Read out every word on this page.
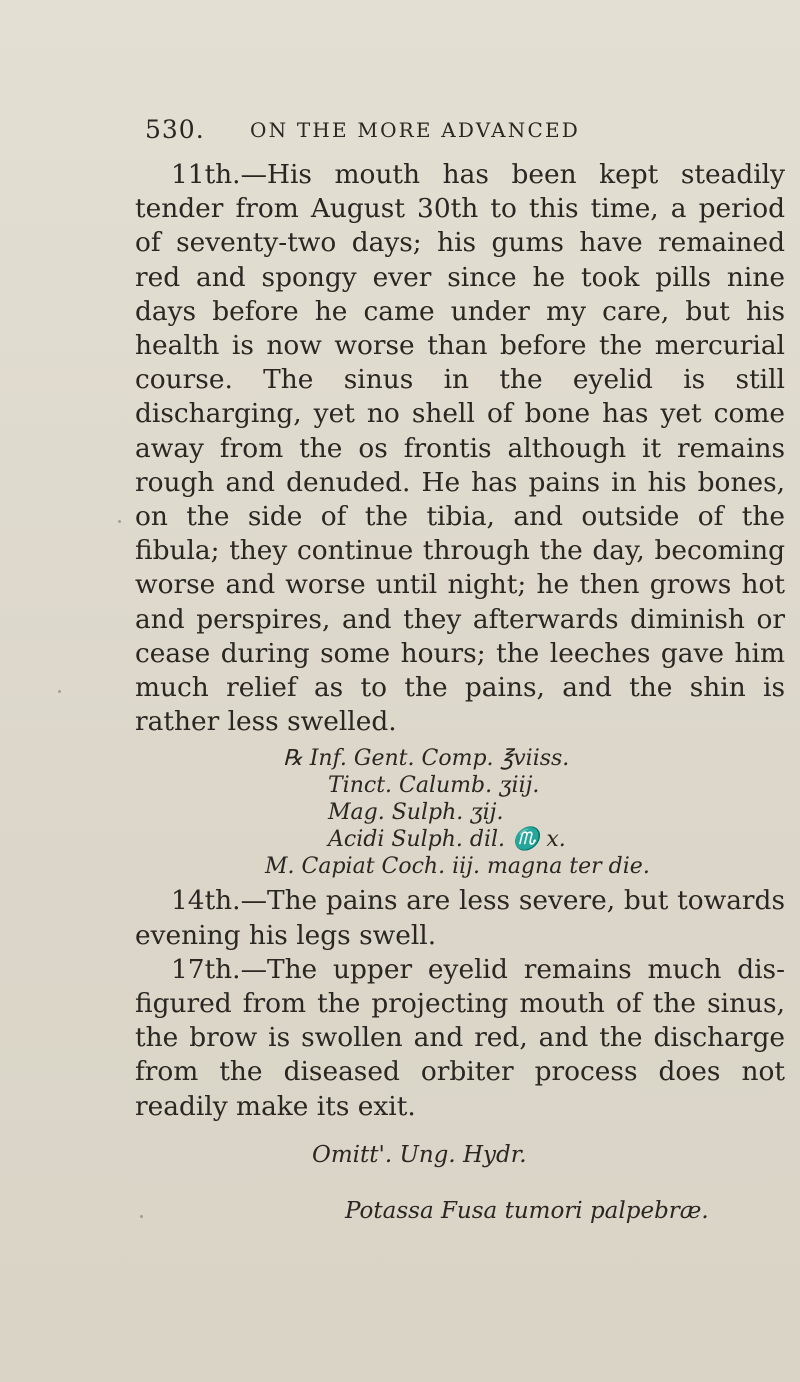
530. ON THE MORE ADVANCED

11th.—His mouth has been kept steadily tender from August 30th to this time, a period of seventy-two days; his gums have remained red and spongy ever since he took pills nine days before he came under my care, but his health is now worse than before the mercurial course. The sinus in the eyelid is still discharging, yet no shell of bone has yet come away from the os frontis although it remains rough and denuded. He has pains in his bones, on the side of the tibia, and outside of the fibula; they continue through the day, becoming worse and worse until night; he then grows hot and perspires, and they afterwards diminish or cease during some hours; the leeches gave him much relief as to the pains, and the shin is rather less swelled.

℞ Inf. Gent. Comp. ℥viiss.
Tinct. Calumb. ʒiij.
Mag. Sulph. ʒij.
Acidi Sulph. dil. ♏ x.
M. Capiat Coch. iij. magna ter die.

14th.—The pains are less severe, but towards evening his legs swell.

17th.—The upper eyelid remains much dis-figured from the projecting mouth of the sinus, the brow is swollen and red, and the discharge from the diseased orbiter process does not readily make its exit.

Omitt'. Ung. Hydr.
Potassa Fusa tumori palpebræ.
